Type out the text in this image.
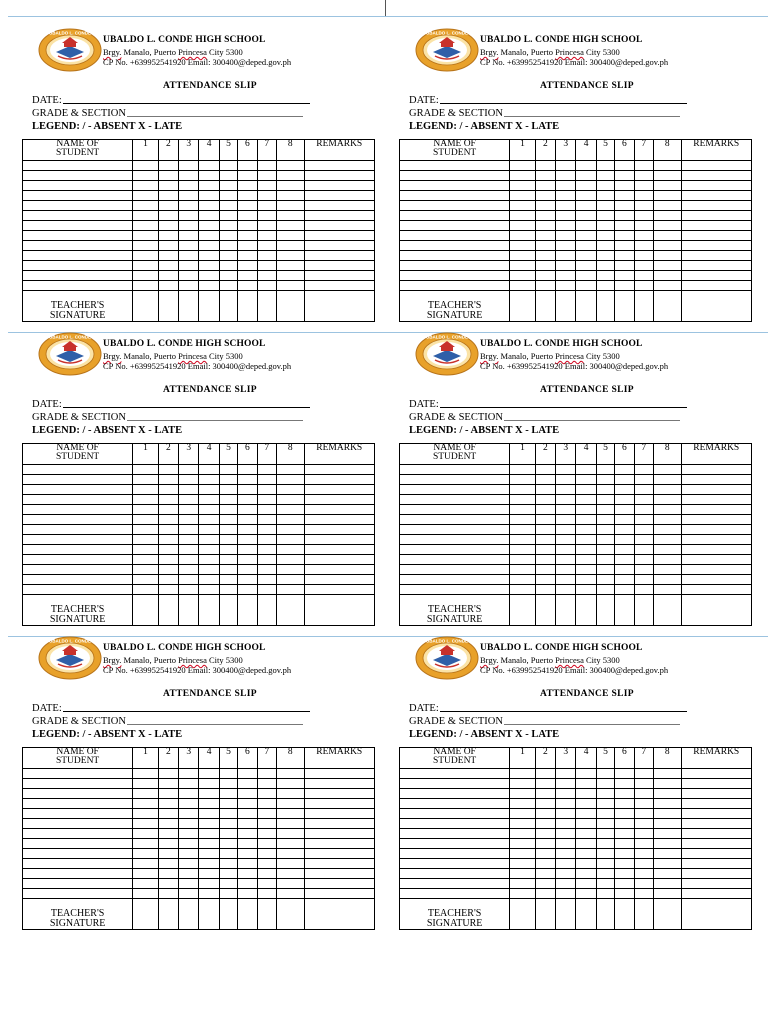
UBALDO L. CONDE
UBALDO L. CONDE HIGH SCHOOL
Brgy. Manalo, Puerto Princesa City 5300
CP No. +639952541920 Email: 300400@deped.gov.ph
ATTENDANCE SLIP
DATE:
GRADE & SECTION
LEGEND: / - ABSENT X - LATE
NAME OF
STUDENT	1	2	3	4	5	6	7	8	REMARKS

TEACHER'S
SIGNATURE									
UBALDO L. CONDE
UBALDO L. CONDE HIGH SCHOOL
Brgy. Manalo, Puerto Princesa City 5300
CP No. +639952541920 Email: 300400@deped.gov.ph
ATTENDANCE SLIP
DATE:
GRADE & SECTION
LEGEND: / - ABSENT X - LATE
NAME OF
STUDENT	1	2	3	4	5	6	7	8	REMARKS

TEACHER'S
SIGNATURE									
UBALDO L. CONDE
UBALDO L. CONDE HIGH SCHOOL
Brgy. Manalo, Puerto Princesa City 5300
CP No. +639952541920 Email: 300400@deped.gov.ph
ATTENDANCE SLIP
DATE:
GRADE & SECTION
LEGEND: / - ABSENT X - LATE
NAME OF
STUDENT	1	2	3	4	5	6	7	8	REMARKS

TEACHER'S
SIGNATURE									
UBALDO L. CONDE
UBALDO L. CONDE HIGH SCHOOL
Brgy. Manalo, Puerto Princesa City 5300
CP No. +639952541920 Email: 300400@deped.gov.ph
ATTENDANCE SLIP
DATE:
GRADE & SECTION
LEGEND: / - ABSENT X - LATE
NAME OF
STUDENT	1	2	3	4	5	6	7	8	REMARKS

TEACHER'S
SIGNATURE									
UBALDO L. CONDE
UBALDO L. CONDE HIGH SCHOOL
Brgy. Manalo, Puerto Princesa City 5300
CP No. +639952541920 Email: 300400@deped.gov.ph
ATTENDANCE SLIP
DATE:
GRADE & SECTION
LEGEND: / - ABSENT X - LATE
NAME OF
STUDENT	1	2	3	4	5	6	7	8	REMARKS

TEACHER'S
SIGNATURE									
UBALDO L. CONDE
UBALDO L. CONDE HIGH SCHOOL
Brgy. Manalo, Puerto Princesa City 5300
CP No. +639952541920 Email: 300400@deped.gov.ph
ATTENDANCE SLIP
DATE:
GRADE & SECTION
LEGEND: / - ABSENT X - LATE
NAME OF
STUDENT	1	2	3	4	5	6	7	8	REMARKS

TEACHER'S
SIGNATURE									
